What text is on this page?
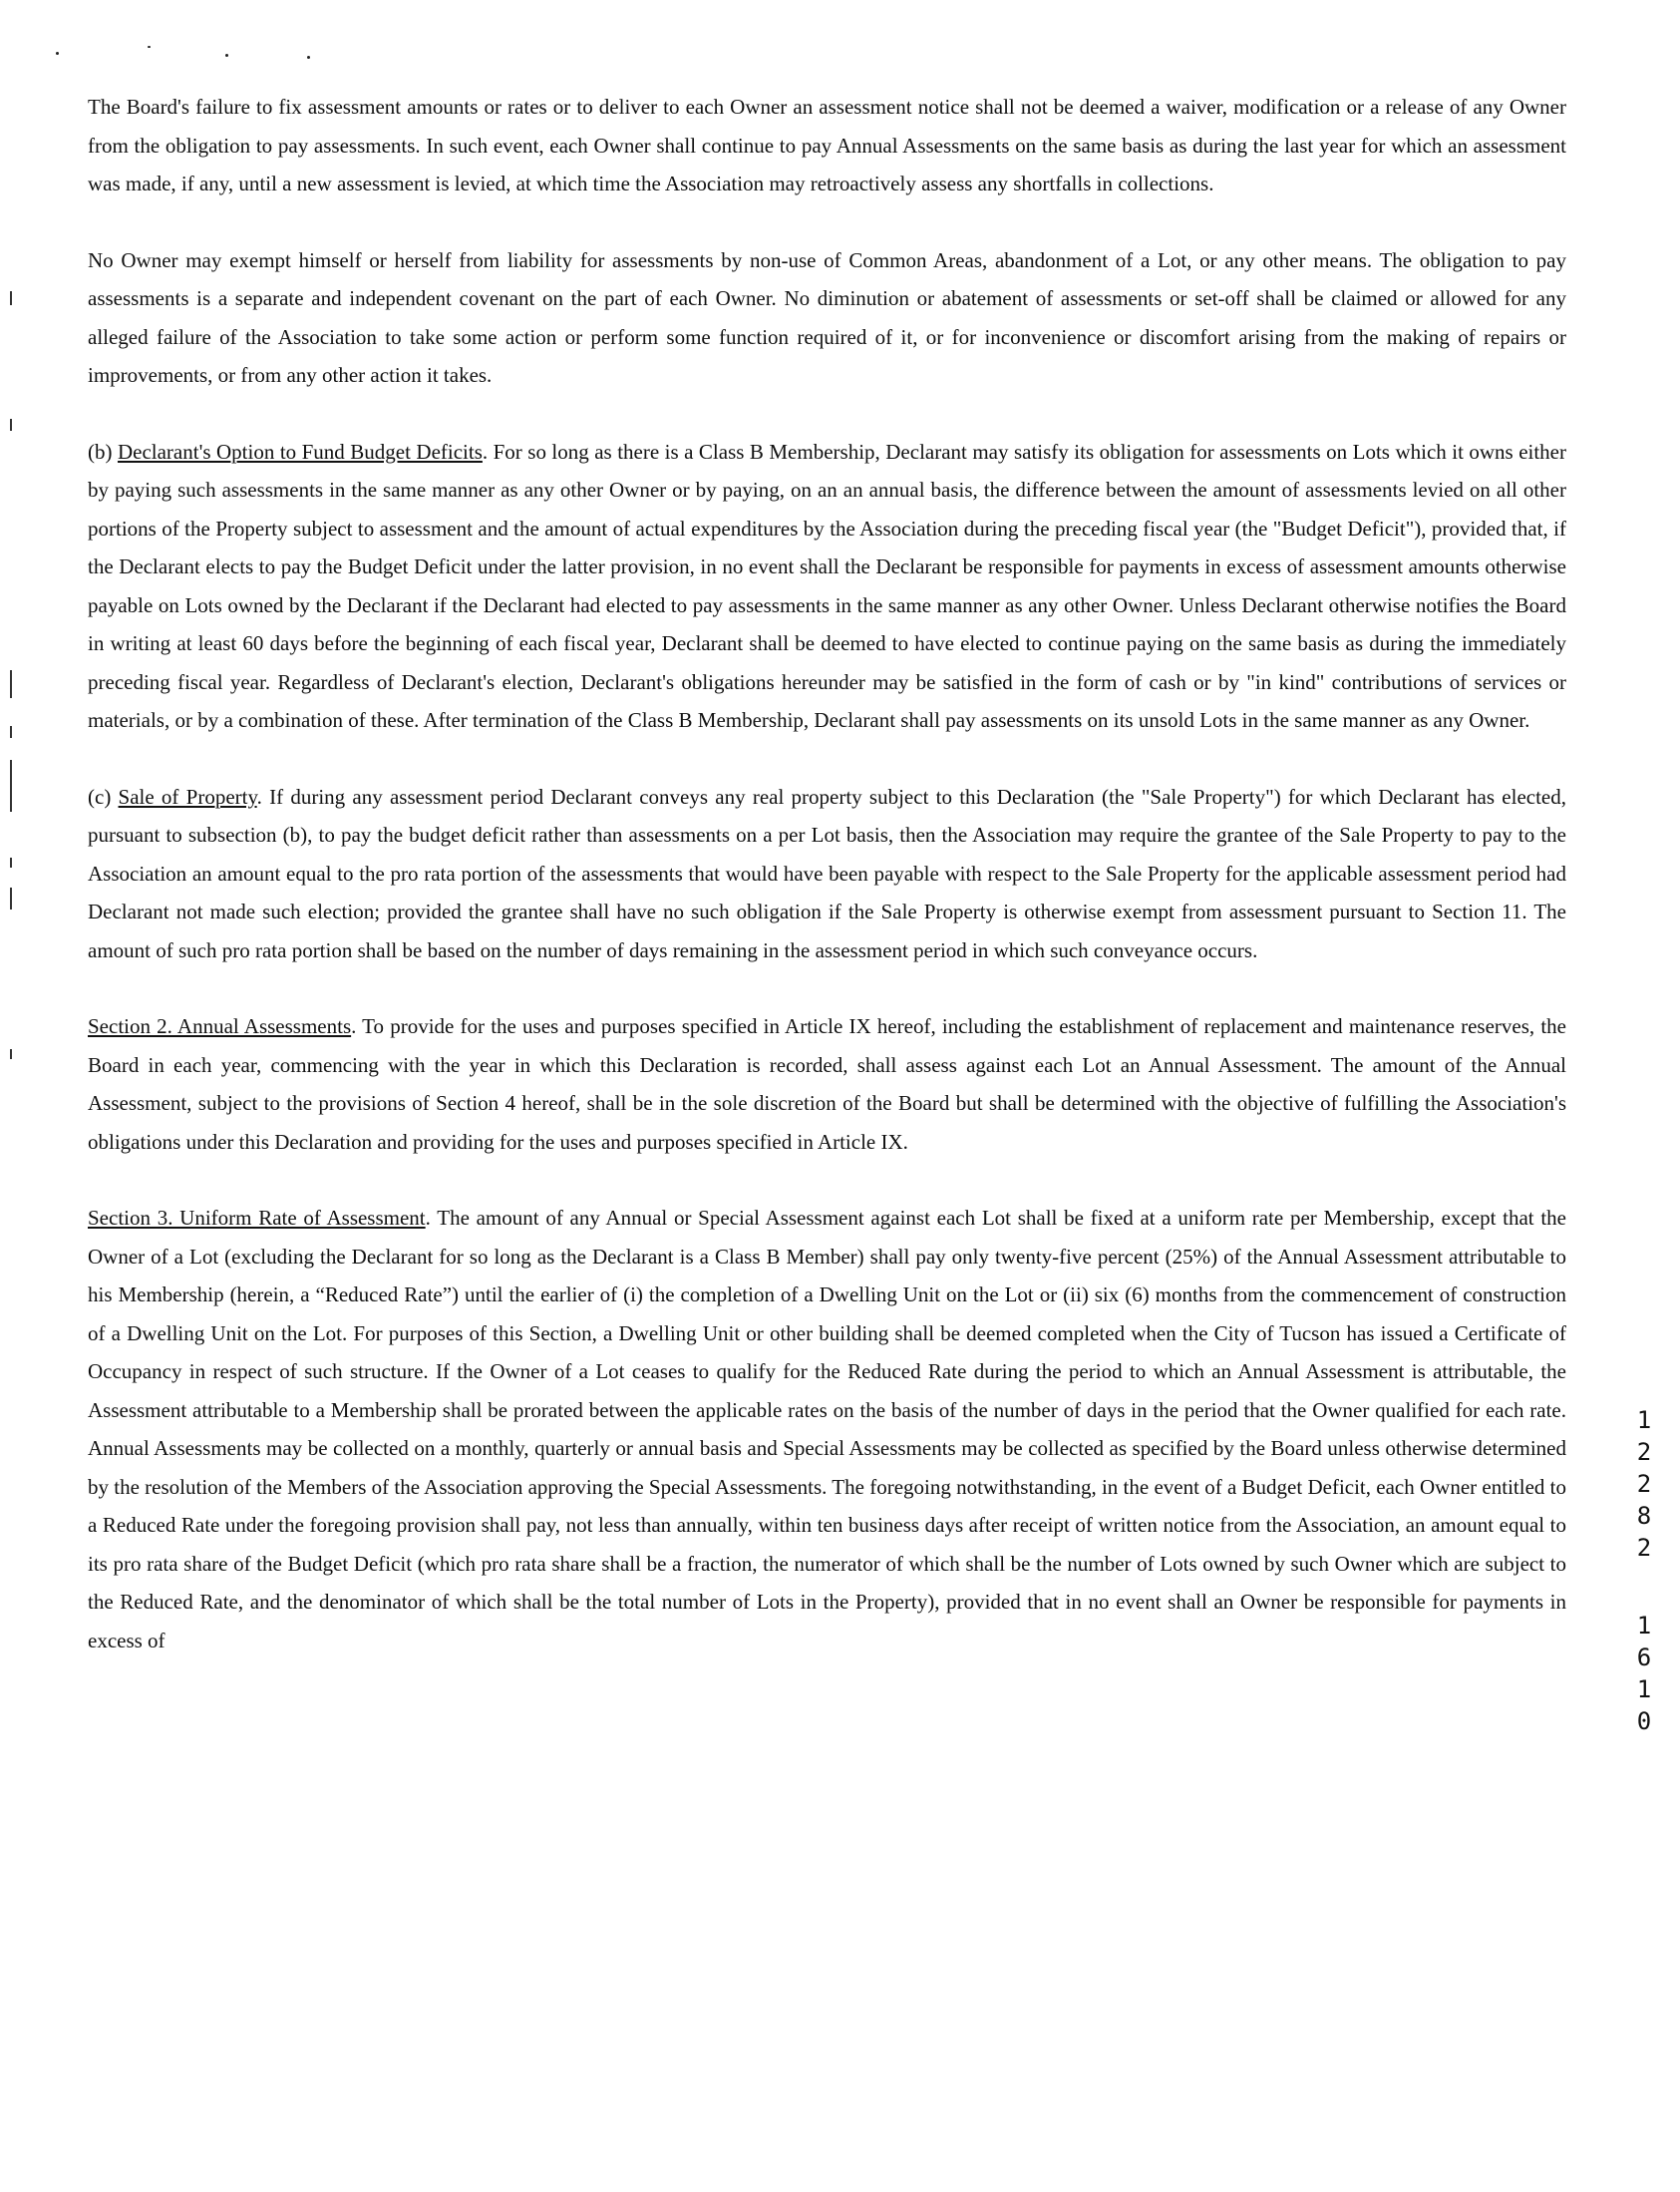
The Board's failure to fix assessment amounts or rates or to deliver to each Owner an assessment notice shall not be deemed a waiver, modification or a release of any Owner from the obligation to pay assessments. In such event, each Owner shall continue to pay Annual Assessments on the same basis as during the last year for which an assessment was made, if any, until a new assessment is levied, at which time the Association may retroactively assess any shortfalls in collections.

No Owner may exempt himself or herself from liability for assessments by non-use of Common Areas, abandonment of a Lot, or any other means. The obligation to pay assessments is a separate and independent covenant on the part of each Owner. No diminution or abatement of assessments or set-off shall be claimed or allowed for any alleged failure of the Association to take some action or perform some function required of it, or for inconvenience or discomfort arising from the making of repairs or improvements, or from any other action it takes.

(b) Declarant's Option to Fund Budget Deficits. For so long as there is a Class B Membership, Declarant may satisfy its obligation for assessments on Lots which it owns either by paying such assessments in the same manner as any other Owner or by paying, on an an annual basis, the difference between the amount of assessments levied on all other portions of the Property subject to assessment and the amount of actual expenditures by the Association during the preceding fiscal year (the "Budget Deficit"), provided that, if the Declarant elects to pay the Budget Deficit under the latter provision, in no event shall the Declarant be responsible for payments in excess of assessment amounts otherwise payable on Lots owned by the Declarant if the Declarant had elected to pay assessments in the same manner as any other Owner. Unless Declarant otherwise notifies the Board in writing at least 60 days before the beginning of each fiscal year, Declarant shall be deemed to have elected to continue paying on the same basis as during the immediately preceding fiscal year. Regardless of Declarant's election, Declarant's obligations hereunder may be satisfied in the form of cash or by "in kind" contributions of services or materials, or by a combination of these. After termination of the Class B Membership, Declarant shall pay assessments on its unsold Lots in the same manner as any Owner.

(c) Sale of Property. If during any assessment period Declarant conveys any real property subject to this Declaration (the "Sale Property") for which Declarant has elected, pursuant to subsection (b), to pay the budget deficit rather than assessments on a per Lot basis, then the Association may require the grantee of the Sale Property to pay to the Association an amount equal to the pro rata portion of the assessments that would have been payable with respect to the Sale Property for the applicable assessment period had Declarant not made such election; provided the grantee shall have no such obligation if the Sale Property is otherwise exempt from assessment pursuant to Section 11. The amount of such pro rata portion shall be based on the number of days remaining in the assessment period in which such conveyance occurs.

Section 2. Annual Assessments. To provide for the uses and purposes specified in Article IX hereof, including the establishment of replacement and maintenance reserves, the Board in each year, commencing with the year in which this Declaration is recorded, shall assess against each Lot an Annual Assessment. The amount of the Annual Assessment, subject to the provisions of Section 4 hereof, shall be in the sole discretion of the Board but shall be determined with the objective of fulfilling the Association's obligations under this Declaration and providing for the uses and purposes specified in Article IX.

Section 3. Uniform Rate of Assessment. The amount of any Annual or Special Assessment against each Lot shall be fixed at a uniform rate per Membership, except that the Owner of a Lot (excluding the Declarant for so long as the Declarant is a Class B Member) shall pay only twenty-five percent (25%) of the Annual Assessment attributable to his Membership (herein, a “Reduced Rate”) until the earlier of (i) the completion of a Dwelling Unit on the Lot or (ii) six (6) months from the commencement of construction of a Dwelling Unit on the Lot. For purposes of this Section, a Dwelling Unit or other building shall be deemed completed when the City of Tucson has issued a Certificate of Occupancy in respect of such structure. If the Owner of a Lot ceases to qualify for the Reduced Rate during the period to which an Annual Assessment is attributable, the Assessment attributable to a Membership shall be prorated between the applicable rates on the basis of the number of days in the period that the Owner qualified for each rate. Annual Assessments may be collected on a monthly, quarterly or annual basis and Special Assessments may be collected as specified by the Board unless otherwise determined by the resolution of the Members of the Association approving the Special Assessments. The foregoing notwithstanding, in the event of a Budget Deficit, each Owner entitled to a Reduced Rate under the foregoing provision shall pay, not less than annually, within ten business days after receipt of written notice from the Association, an amount equal to its pro rata share of the Budget Deficit (which pro rata share shall be a fraction, the numerator of which shall be the number of Lots owned by such Owner which are subject to the Reduced Rate, and the denominator of which shall be the total number of Lots in the Property), provided that in no event shall an Owner be responsible for payments in excess of

1
2
2
8
2
1
6
1
0
